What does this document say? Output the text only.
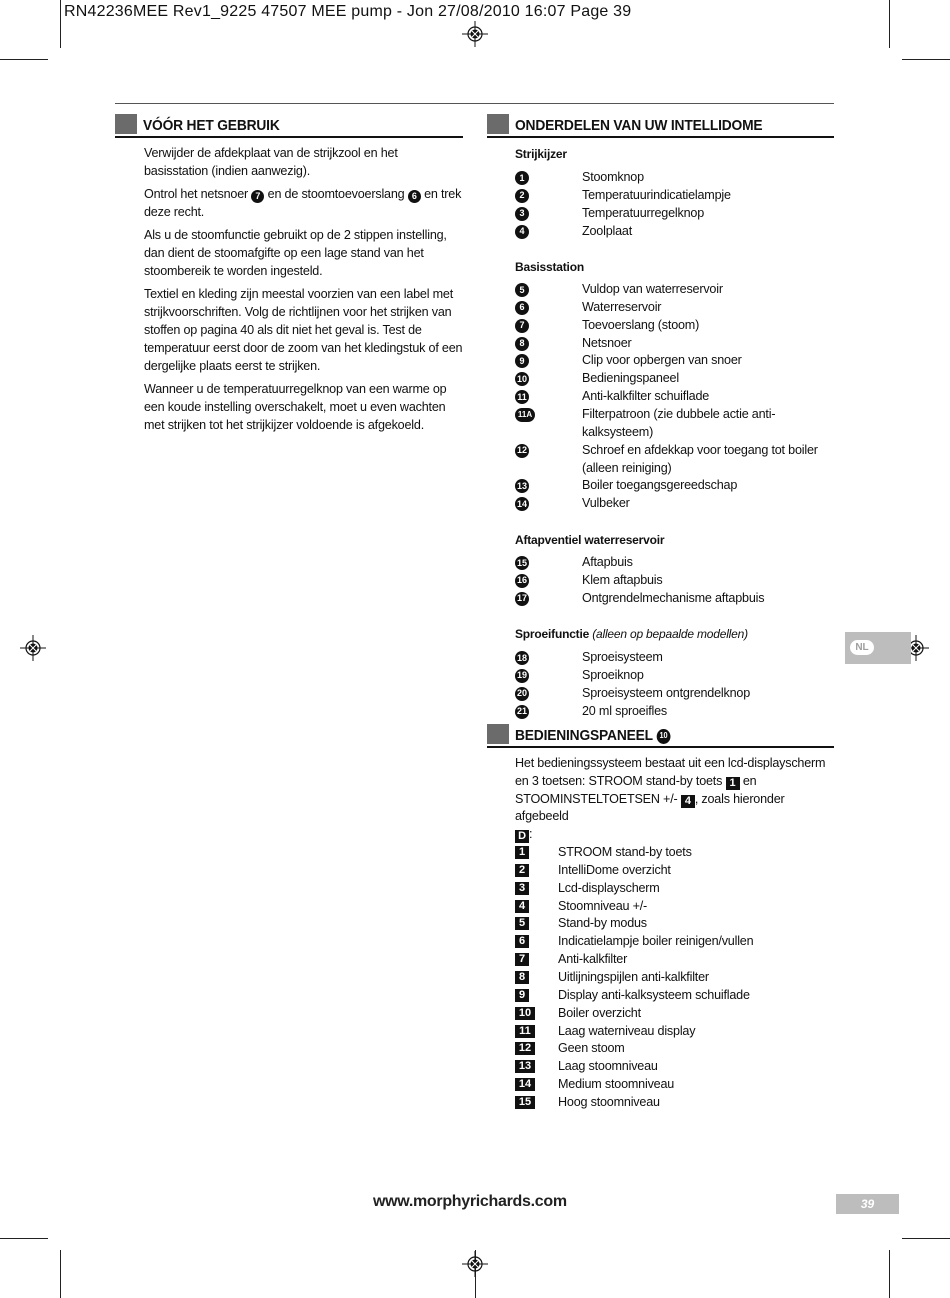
RN42236MEE Rev1_9225 47507 MEE pump - Jon 27/08/2010 16:07 Page 39
VÓÓR HET GEBRUIK

Verwijder de afdekplaat van de strijkzool en het basisstation (indien aanwezig).

Ontrol het netsnoer 7 en de stoomtoevoerslang 6 en trek deze recht.

Als u de stoomfunctie gebruikt op de 2 stippen instelling, dan dient de stoomafgifte op een lage stand van het stoombereik te worden ingesteld.

Textiel en kleding zijn meestal voorzien van een label met strijkvoorschriften. Volg de richtlijnen voor het strijken van stoffen op pagina 40 als dit niet het geval is. Test de temperatuur eerst door de zoom van het kledingstuk of een dergelijke plaats eerst te strijken.

Wanneer u de temperatuurregelknop van een warme op een koude instelling overschakelt, moet u even wachten met strijken tot het strijkijzer voldoende is afgekoeld.

ONDERDELEN VAN UW INTELLIDOME
Strijkijzer
1	Stoomknop
2	Temperatuurindicatielampje
3	Temperatuurregelknop
4	Zoolplaat
Basisstation
5	Vuldop van waterreservoir
6	Waterreservoir
7	Toevoerslang (stoom)
8	Netsnoer
9	Clip voor opbergen van snoer
10	Bedieningspaneel
11	Anti-kalkfilter schuiflade
11A	Filterpatroon (zie dubbele actie anti-
kalksysteem)
12	Schroef en afdekkap voor toegang tot boiler
(alleen reiniging)
13	Boiler toegangsgereedschap
14	Vulbeker
Aftapventiel waterreservoir
15	Aftapbuis
16	Klem aftapbuis
17	Ontgrendelmechanisme aftapbuis
Sproeifunctie (alleen op bepaalde modellen)
18	Sproeisysteem
19	Sproeiknop
20	Sproeisysteem ontgrendelknop
21	20 ml sproeifles
BEDIENINGSPANEEL
10
Het bedieningssysteem bestaat uit een lcd-displayscherm
en 3 toetsen: STROOM stand-by toets 1 en
STOOMINSTELTOETSEN +/- 4 , zoals hieronder afgebeeld
D :
1	STROOM stand-by toets
2	IntelliDome overzicht
3	Lcd-displayscherm
4	Stoomniveau +/-
5	Stand-by modus
6	Indicatielampje boiler reinigen/vullen
7	Anti-kalkfilter
8	Uitlijningspijlen anti-kalkfilter
9	Display anti-kalksysteem schuiflade
10	Boiler overzicht
11	Laag waterniveau display
12	Geen stoom
13	Laag stoomniveau
14	Medium stoomniveau
15	Hoog stoomniveau
NL
www.morphyrichards.com	39
